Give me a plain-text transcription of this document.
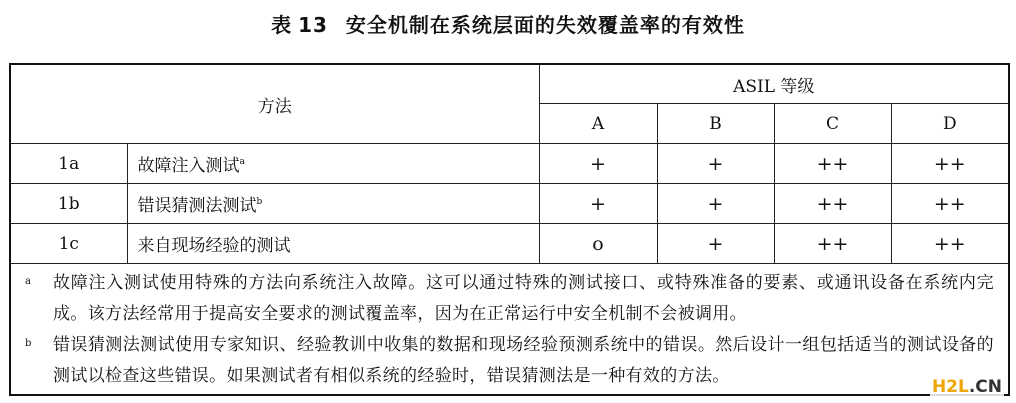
表 13 安全机制在系统层面的失效覆盖率的有效性
方法		ASIL 等级			
		A	B	C	D
1a	故障注入测试$^a$	+	+	++	++
1b	错误猜测法测试$^b$	+	+	++	++
1c	来自现场经验的测试	o	+	++	++

a 故障注入测试使用特殊的方法向系统注入故障。这可以通过特殊的测试接口、或特殊准备的要素、或通讯设备在系统内完成。该方法经常用于提高安全要求的测试覆盖率，因为在正常运行中安全机制不会被调用。
b 错误猜测法测试使用专家知识、经验教训中收集的数据和现场经验预测系统中的错误。然后设计一组包括适当的测试设备的测试以检查这些错误。如果测试者有相似系统的经验时，错误猜测法是一种有效的方法。					
H2L.CN
